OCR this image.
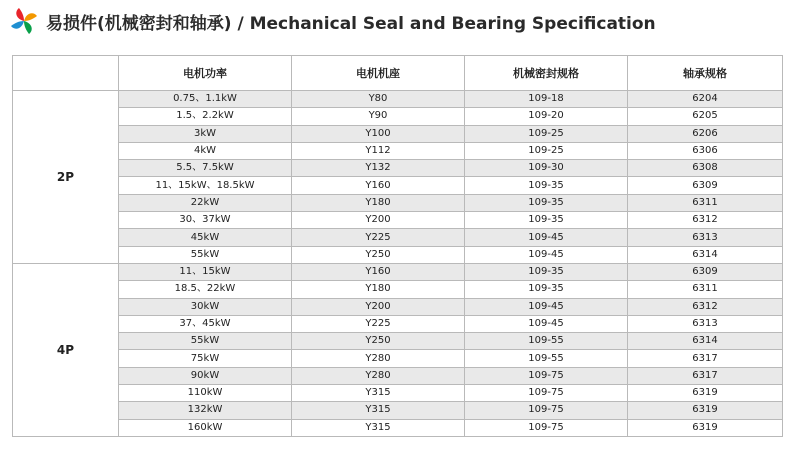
易损件(机械密封和轴承) / Mechanical Seal and Bearing Specification
	电机功率	电机机座	机械密封规格	轴承规格
2P	0.75、1.1kW	Y80	109-18	6204
	1.5、2.2kW	Y90	109-20	6205
	3kW	Y100	109-25	6206
	4kW	Y112	109-25	6306
	5.5、7.5kW	Y132	109-30	6308
	11、15kW、18.5kW	Y160	109-35	6309
	22kW	Y180	109-35	6311
	30、37kW	Y200	109-35	6312
	45kW	Y225	109-45	6313
	55kW	Y250	109-45	6314
4P	11、15kW	Y160	109-35	6309
	18.5、22kW	Y180	109-35	6311
	30kW	Y200	109-45	6312
	37、45kW	Y225	109-45	6313
	55kW	Y250	109-55	6314
	75kW	Y280	109-55	6317
	90kW	Y280	109-75	6317
	110kW	Y315	109-75	6319
	132kW	Y315	109-75	6319
	160kW	Y315	109-75	6319
